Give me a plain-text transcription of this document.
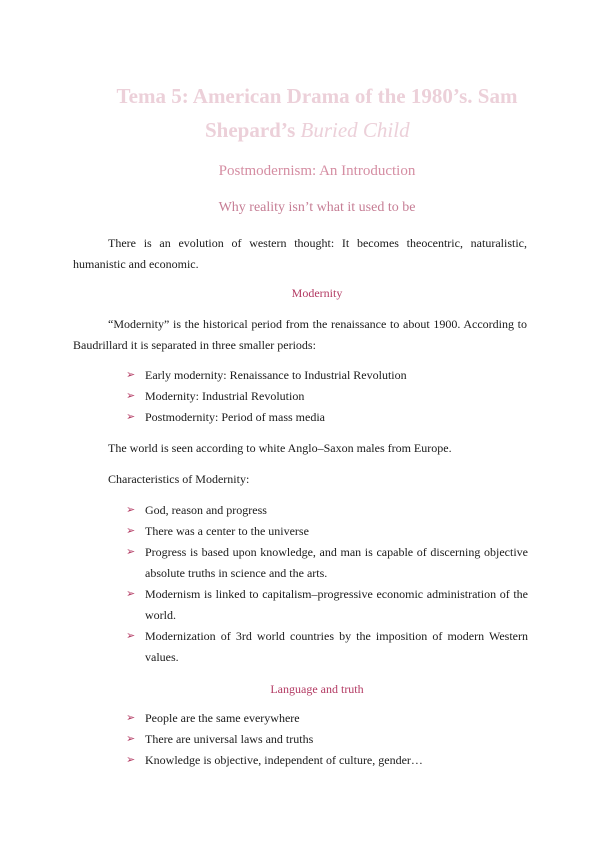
Tema 5: American Drama of the 1980’s. Sam
Shepard’s Buried Child
Postmodernism: An Introduction
Why reality isn’t what it used to be
There is an evolution of western thought: It becomes theocentric, naturalistic, humanistic and economic.
Modernity
“Modernity” is the historical period from the renaissance to about 1900. According to Baudrillard it is separated in three smaller periods:
➢ Early modernity: Renaissance to Industrial Revolution
➢ Modernity: Industrial Revolution
➢ Postmodernity: Period of mass media
The world is seen according to white Anglo–Saxon males from Europe.
Characteristics of Modernity:
➢ God, reason and progress
➢ There was a center to the universe
➢ Progress is based upon knowledge, and man is capable of discerning objective absolute truths in science and the arts.
➢ Modernism is linked to capitalism–progressive economic administration of the world.
➢ Modernization of 3rd world countries by the imposition of modern Western values.
Language and truth
➢ People are the same everywhere
➢ There are universal laws and truths
➢ Knowledge is objective, independent of culture, gender…
